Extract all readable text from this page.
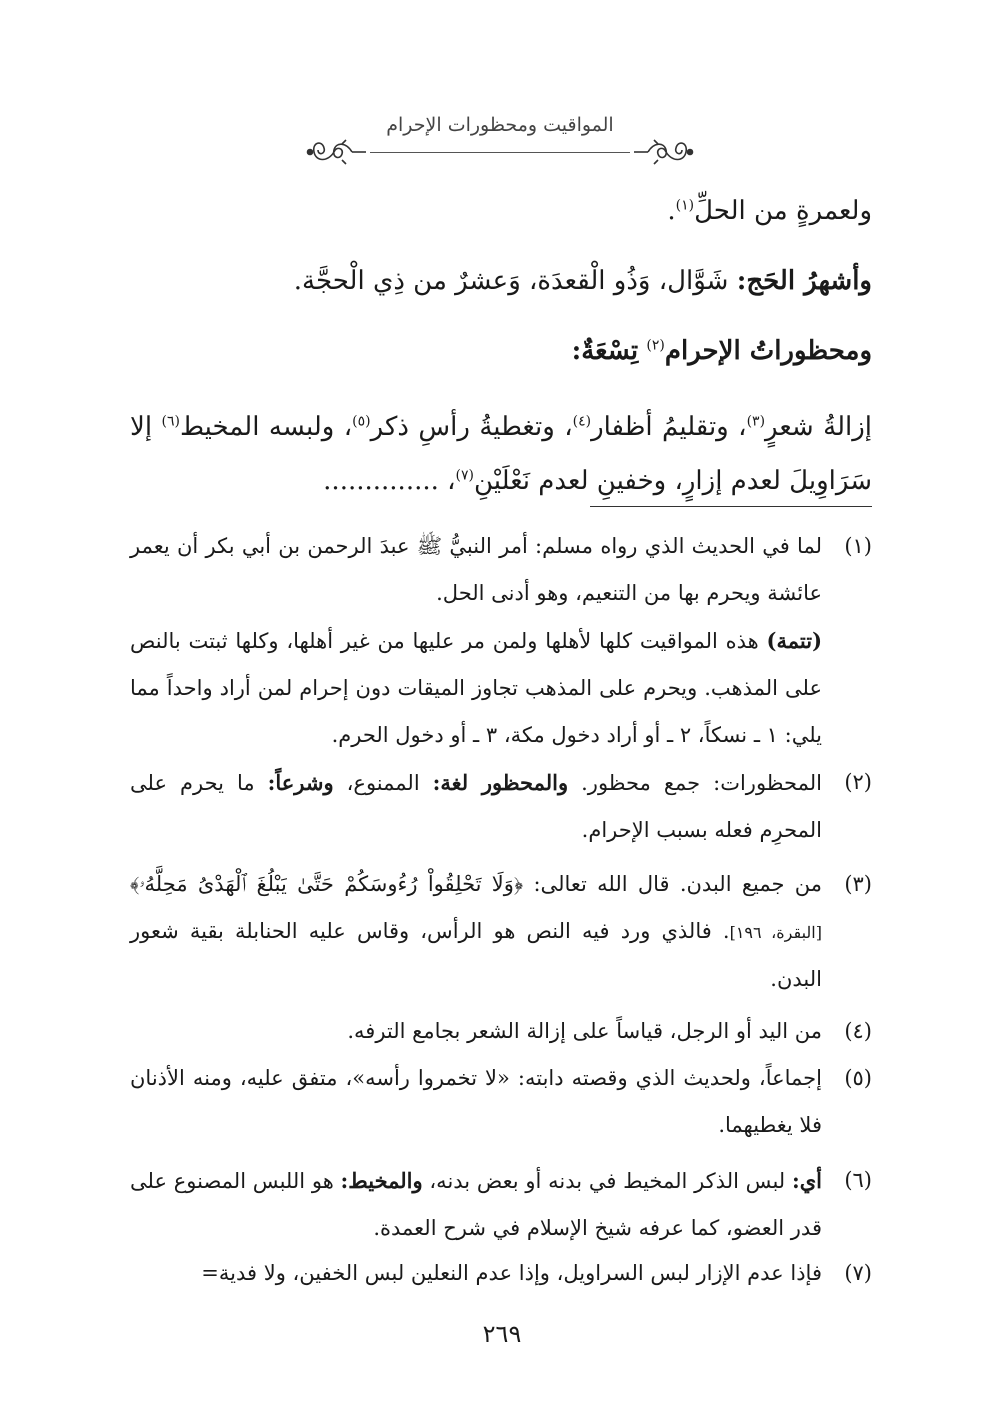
المواقيت ومحظورات الإحرام
ولعمرةٍ من الحلِّ$^{(١)}$.
وأشهرُ الحَج: شَوَّال، وَذُو الْقعدَة، وَعشرٌ من ذِي الْحجَّة.
ومحظوراتُ الإحرام$^{(٢)}$ تِسْعَةٌ:
إزالةُ شعرٍ$^{(٣)}$، وتقليمُ أظفار$^{(٤)}$، وتغطيةُ رأسِ ذكر$^{(٥)}$، ولبسه المخيط$^{(٦)}$ إلا سَرَاوِيلَ لعدم إزارٍ، وخفينِ لعدم نَعْلَيْنِ$^{(٧)}$، ..............
(١)

لما في الحديث الذي رواه مسلم: أمر النبيُّ ﷺ عبدَ الرحمن بن أبي بكر أن يعمر عائشة ويحرم بها من التنعيم، وهو أدنى الحل.

(تتمة) هذه المواقيت كلها لأهلها ولمن مر عليها من غير أهلها، وكلها ثبتت بالنص على المذهب. ويحرم على المذهب تجاوز الميقات دون إحرام لمن أراد واحداً مما يلي: ١ ـ نسكاً، ٢ ـ أو أراد دخول مكة، ٣ ـ أو دخول الحرم.

(٢)
المحظورات: جمع محظور. والمحظور لغة: الممنوع، وشرعاً: ما يحرم على المحرِم فعله بسبب الإحرام.
(٣)
من جميع البدن. قال الله تعالى: ﴿وَلَا تَحْلِقُواْ رُءُوسَكُمْ حَتَّىٰ يَبْلُغَ ٱلْهَدْىُ مَحِلَّهُۥ﴾ [البقرة، ١٩٦]. فالذي ورد فيه النص هو الرأس، وقاس عليه الحنابلة بقية شعور البدن.
(٤)
من اليد أو الرجل، قياساً على إزالة الشعر بجامع الترفه.
(٥)
إجماعاً، ولحديث الذي وقصته دابته: «لا تخمروا رأسه»، متفق عليه، ومنه الأذنان فلا يغطيهما.
(٦)
أي: لبس الذكر المخيط في بدنه أو بعض بدنه، والمخيط: هو اللبس المصنوع على قدر العضو، كما عرفه شيخ الإسلام في شرح العمدة.
(٧)
فإذا عدم الإزار لبس السراويل، وإذا عدم النعلين لبس الخفين، ولا فدية=
٢٦٩
